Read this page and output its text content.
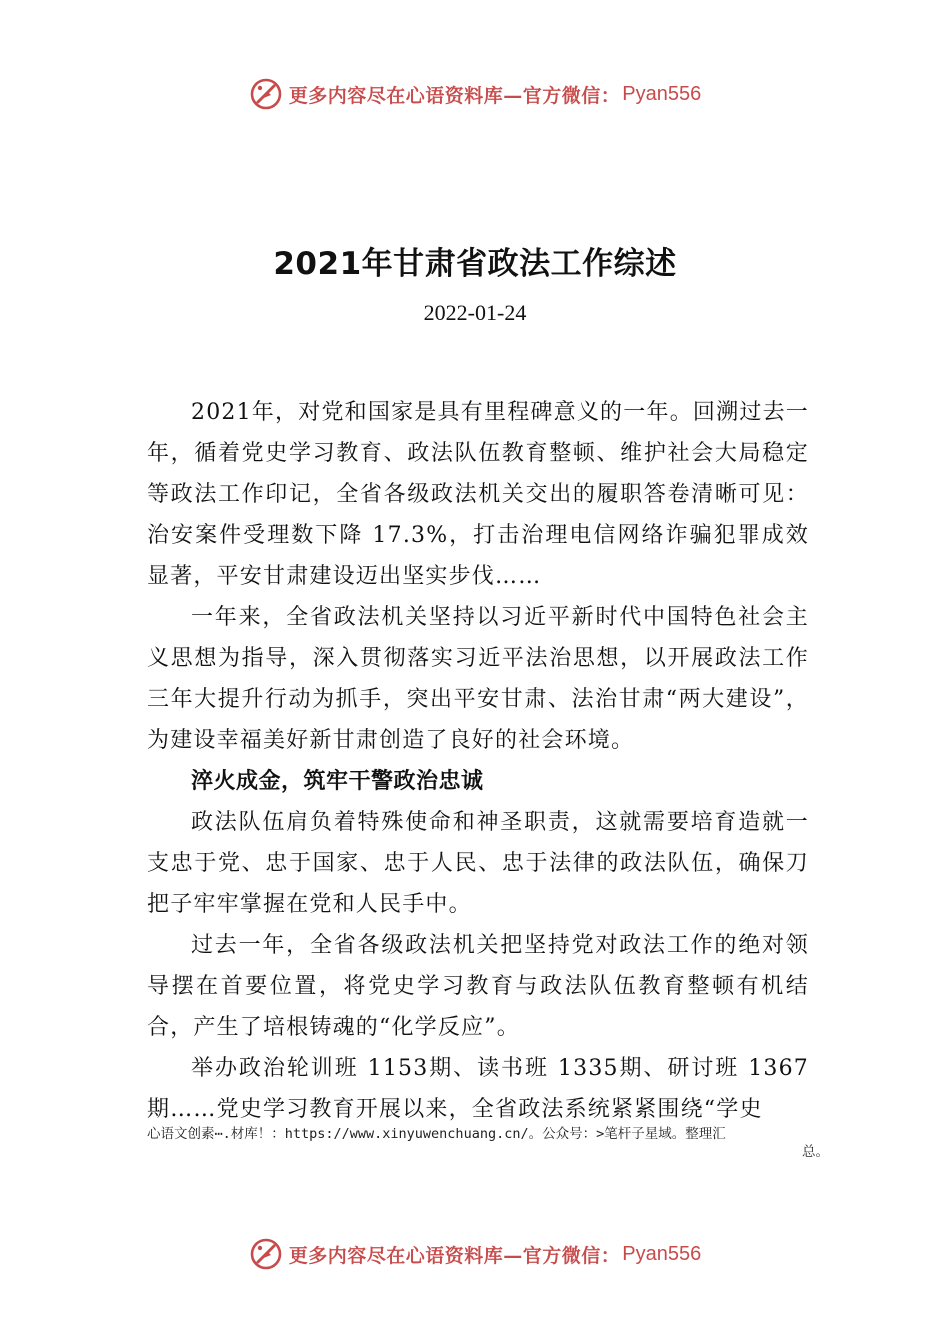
更多内容尽在心语资料库—官方微信： Pyan556
2021年甘肃省政法工作综述
2022-01-24

2021年，对党和国家是具有里程碑意义的一年。回溯过去一年，循着党史学习教育、政法队伍教育整顿、维护社会大局稳定等政法工作印记，全省各级政法机关交出的履职答卷清晰可见：治安案件受理数下降 17.3%，打击治理电信网络诈骗犯罪成效显著，平安甘肃建设迈出坚实步伐……

一年来，全省政法机关坚持以习近平新时代中国特色社会主义思想为指导，深入贯彻落实习近平法治思想，以开展政法工作三年大提升行动为抓手，突出平安甘肃、法治甘肃“两大建设”，为建设幸福美好新甘肃创造了良好的社会环境。

淬火成金，筑牢干警政治忠诚

政法队伍肩负着特殊使命和神圣职责，这就需要培育造就一支忠于党、忠于国家、忠于人民、忠于法律的政法队伍，确保刀把子牢牢掌握在党和人民手中。

过去一年，全省各级政法机关把坚持党对政法工作的绝对领导摆在首要位置，将党史学习教育与政法队伍教育整顿有机结合，产生了培根铸魂的“化学反应”。

举办政治轮训班 1153期、读书班 1335期、研讨班 1367期……党史学习教育开展以来，全省政法系统紧紧围绕“学史

心语文创素⋯.材库！：https://www.xinyuwenchuang.cn/。公众号：>笔杆子星域。整理汇
总。
更多内容尽在心语资料库—官方微信： Pyan556
